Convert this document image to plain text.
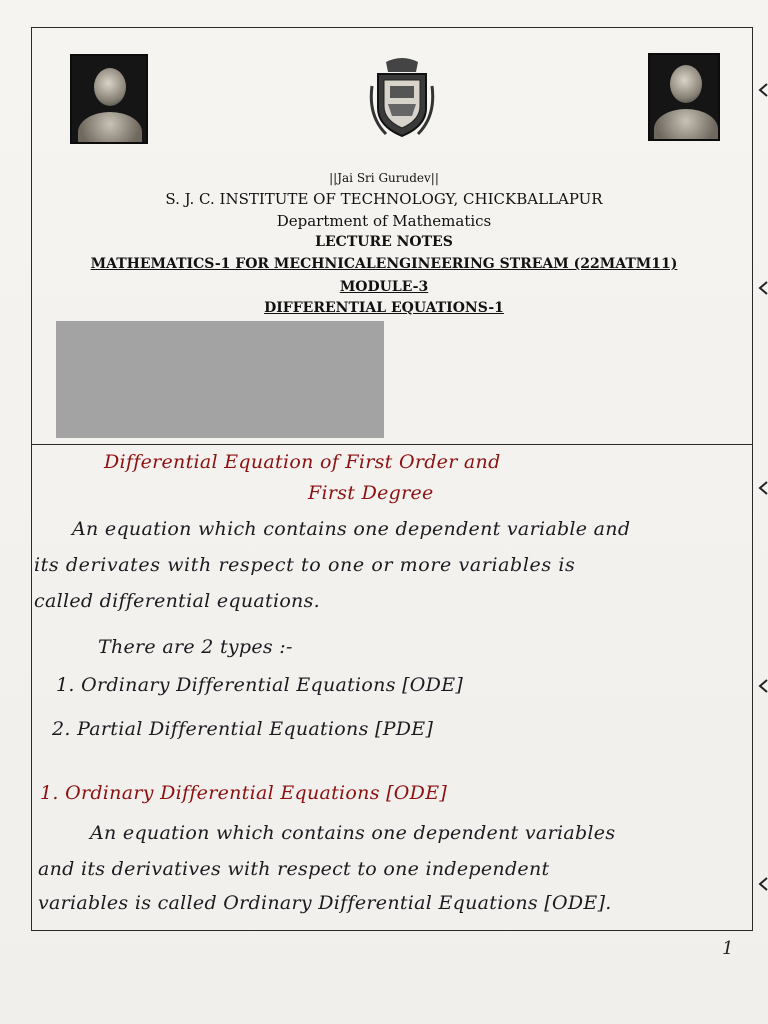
||Jai Sri Gurudev||
S. J. C. INSTITUTE OF TECHNOLOGY, CHICKBALLAPUR
Department of Mathematics
LECTURE NOTES
MATHEMATICS-1 FOR MECHNICALENGINEERING STREAM (22MATM11)
MODULE-3
DIFFERENTIAL EQUATIONS-1
Differential Equation of First Order and
First Degree
An equation which contains one dependent variable and
its derivates with respect to one or more variables is
called differential equations.
There are 2 types :-
1. Ordinary Differential Equations [ODE]
2. Partial Differential Equations [PDE]
1. Ordinary Differential Equations [ODE]
An equation which contains one dependent variables
and its derivatives with respect to one independent
variables is called Ordinary Differential Equations [ODE].
1
